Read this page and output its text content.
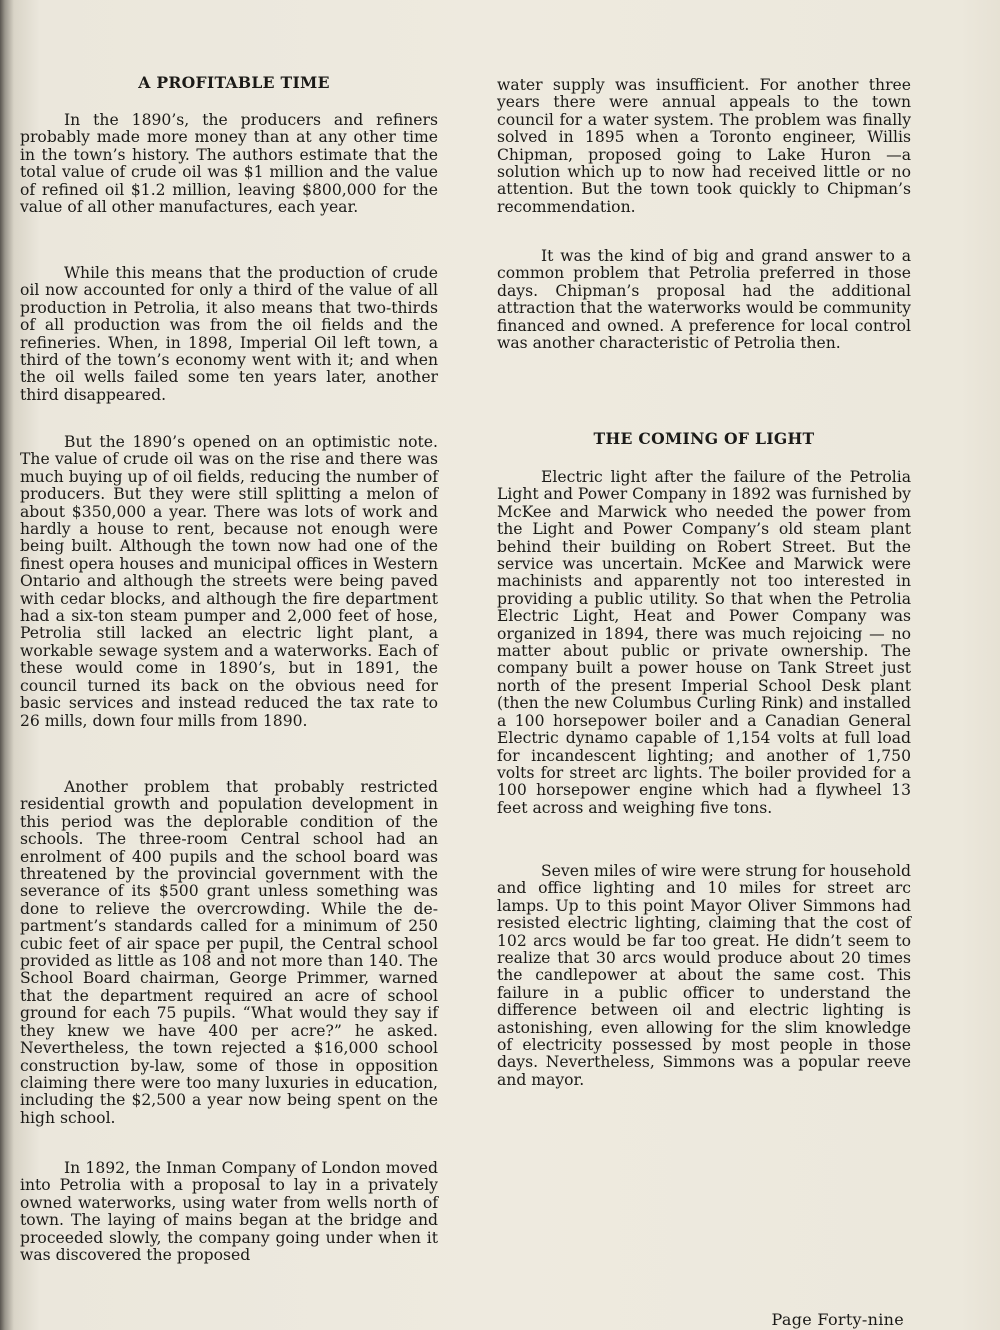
A PROFITABLE TIME

In the 1890’s, the producers and refiners probably made more money than at any other time in the town’s history. The authors estimate that the total value of crude oil was $1 million and the value of refined oil $1.2 million, leaving $800,000 for the value of all other manufactures, each year.

While this means that the production of crude oil now accounted for only a third of the value of all production in Petrolia, it also means that two-thirds of all production was from the oil fields and the refineries. When, in 1898, Imperial Oil left town, a third of the town’s economy went with it; and when the oil wells failed some ten years later, another third disappeared.

But the 1890’s opened on an optimistic note. The value of crude oil was on the rise and there was much buying up of oil fields, reducing the number of producers. But they were still splitting a melon of about $350,000 a year. There was lots of work and hardly a house to rent, because not enough were being built. Although the town now had one of the finest opera houses and municipal offices in Western Ontario and although the streets were being paved with cedar blocks, and although the fire department had a six-ton steam pumper and 2,000 feet of hose, Petrolia still lacked an electric light plant, a workable sewage system and a waterworks. Each of these would come in 1890’s, but in 1891, the council turned its back on the obvious need for basic services and instead reduced the tax rate to 26 mills, down four mills from 1890.

Another problem that probably restricted residential growth and population development in this period was the deplorable condition of the schools. The three-room Central school had an enrolment of 400 pupils and the school board was threatened by the provincial government with the severance of its $500 grant unless something was done to relieve the overcrowding. While the department’s standards called for a minimum of 250 cubic feet of air space per pupil, the Central school provided as little as 108 and not more than 140. The School Board chairman, George Primmer, warned that the department required an acre of school ground for each 75 pupils. “What would they say if they knew we have 400 per acre?” he asked. Nevertheless, the town rejected a $16,000 school construction by-law, some of those in opposition claiming there were too many luxuries in education, including the $2,500 a year now being spent on the high school.

In 1892, the Inman Company of London moved into Petrolia with a proposal to lay in a privately owned waterworks, using water from wells north of town. The laying of mains began at the bridge and proceeded slowly, the company going under when it was discovered the proposed

water supply was insufficient. For another three years there were annual appeals to the town council for a water system. The problem was finally solved in 1895 when a Toronto engineer, Willis Chipman, proposed going to Lake Huron —a solution which up to now had received little or no attention. But the town took quickly to Chipman’s recommendation.

It was the kind of big and grand answer to a common problem that Petrolia preferred in those days. Chipman’s proposal had the additional attraction that the waterworks would be community financed and owned. A preference for local control was another characteristic of Petrolia then.

THE COMING OF LIGHT

Electric light after the failure of the Petrolia Light and Power Company in 1892 was furnished by McKee and Marwick who needed the power from the Light and Power Company’s old steam plant behind their building on Robert Street. But the service was uncertain. McKee and Marwick were machinists and apparently not too interested in providing a public utility. So that when the Petrolia Electric Light, Heat and Power Company was organized in 1894, there was much rejoicing — no matter about public or private ownership. The company built a power house on Tank Street just north of the present Imperial School Desk plant (then the new Columbus Curling Rink) and installed a 100 horsepower boiler and a Canadian General Electric dynamo capable of 1,154 volts at full load for incandescent lighting; and another of 1,750 volts for street arc lights. The boiler provided for a 100 horsepower engine which had a flywheel 13 feet across and weighing five tons.

Seven miles of wire were strung for household and office lighting and 10 miles for street arc lamps. Up to this point Mayor Oliver Simmons had resisted electric lighting, claiming that the cost of 102 arcs would be far too great. He didn’t seem to realize that 30 arcs would produce about 20 times the candlepower at about the same cost. This failure in a public officer to understand the difference between oil and electric lighting is astonishing, even allowing for the slim knowledge of electricity possessed by most people in those days. Nevertheless, Simmons was a popular reeve and mayor.

Page Forty-nine
